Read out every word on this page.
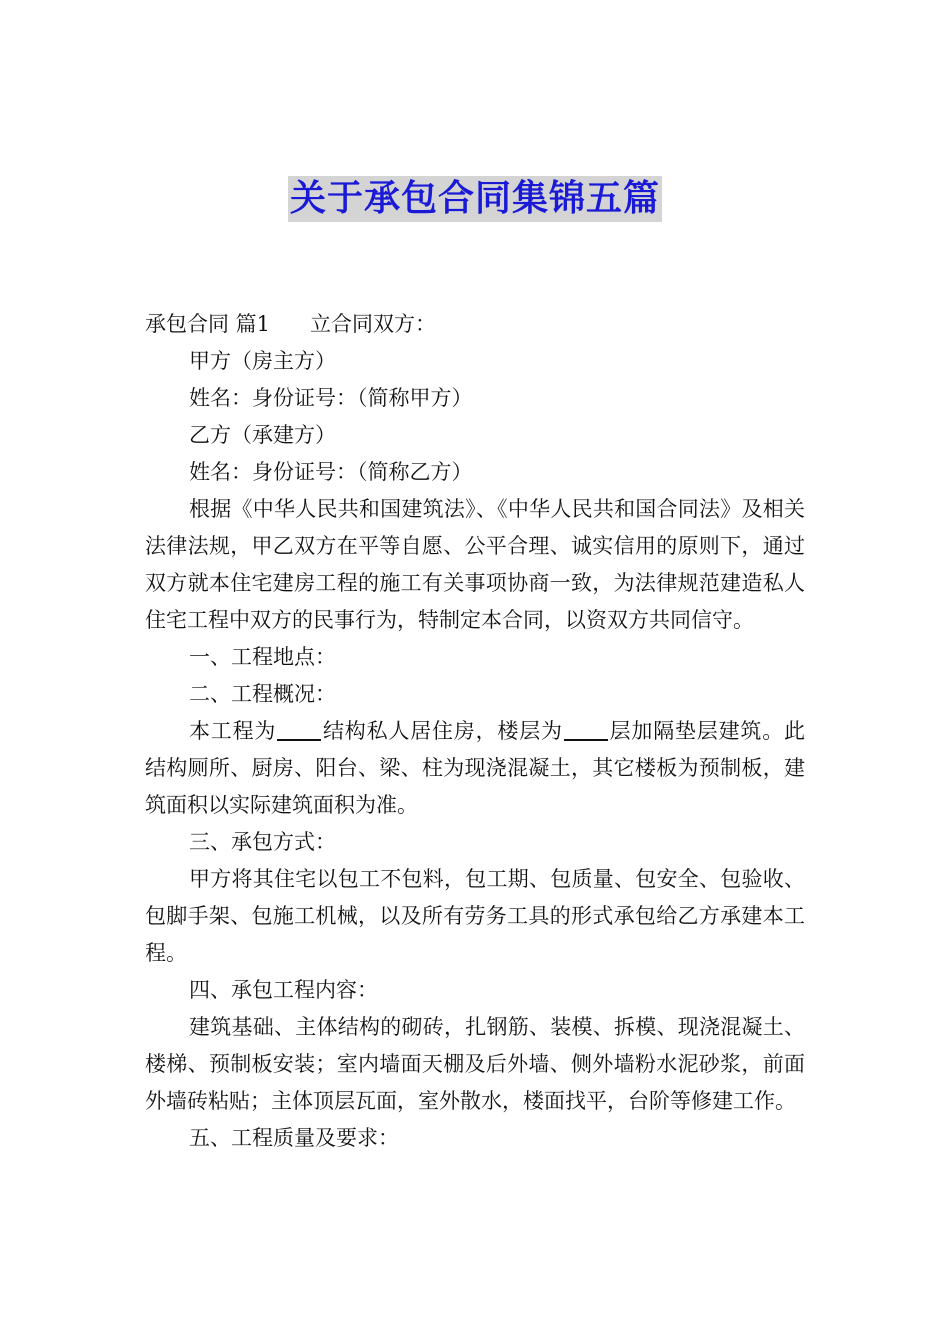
关于承包合同集锦五篇

承包合同 篇1 立合同双方：

甲方（房主方）

姓名：身份证号：（简称甲方）

乙方（承建方）

姓名：身份证号：（简称乙方）

根据《中华人民共和国建筑法》、《中华人民共和国合同法》及相关法律法规，甲乙双方在平等自愿、公平合理、诚实信用的原则下，通过双方就本住宅建房工程的施工有关事项协商一致，为法律规范建造私人住宅工程中双方的民事行为，特制定本合同，以资双方共同信守。

一、工程地点：

二、工程概况：

本工程为 结构私人居住房，楼层为 层加隔垫层建筑。此结构厕所、厨房、阳台、梁、柱为现浇混凝土，其它楼板为预制板，建筑面积以实际建筑面积为准。

三、承包方式：

甲方将其住宅以包工不包料，包工期、包质量、包安全、包验收、包脚手架、包施工机械，以及所有劳务工具的形式承包给乙方承建本工程。

四、承包工程内容：

建筑基础、主体结构的砌砖，扎钢筋、装模、拆模、现浇混凝土、楼梯、预制板安装；室内墙面天棚及后外墙、侧外墙粉水泥砂浆，前面外墙砖粘贴；主体顶层瓦面，室外散水，楼面找平，台阶等修建工作。

五、工程质量及要求：
